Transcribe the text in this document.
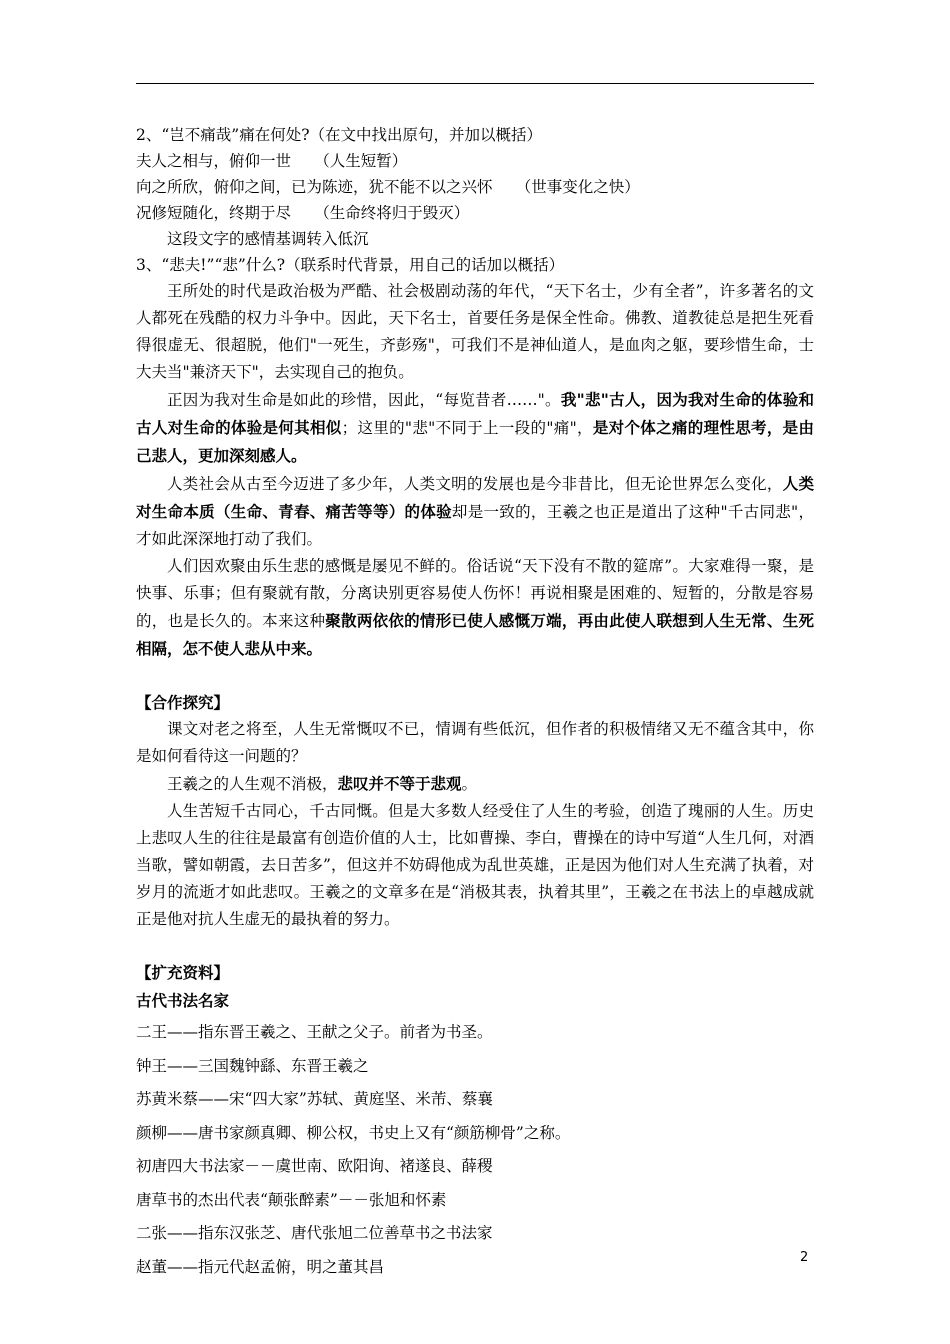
2、“岂不痛哉”痛在何处?（在文中找出原句，并加以概括）

夫人之相与，俯仰一世　　（人生短暂）

向之所欣，俯仰之间，已为陈迹，犹不能不以之兴怀　　（世事变化之快）

况修短随化，终期于尽　　（生命终将归于毁灭）

这段文字的感情基调转入低沉

3、“悲夫!”“悲”什么?（联系时代背景，用自己的话加以概括）

王所处的时代是政治极为严酷、社会极剧动荡的年代，“天下名士，少有全者”，许多著名的文人都死在残酷的权力斗争中。因此，天下名士，首要任务是保全性命。佛教、道教徒总是把生死看得很虚无、很超脱，他们"一死生，齐彭殇"，可我们不是神仙道人，是血肉之躯，要珍惜生命，士大夫当"兼济天下"，去实现自己的抱负。

正因为我对生命是如此的珍惜，因此，“每览昔者……"。我"悲"古人，因为我对生命的体验和古人对生命的体验是何其相似；这里的"悲"不同于上一段的"痛"，是对个体之痛的理性思考，是由己悲人，更加深刻感人。

人类社会从古至今迈进了多少年，人类文明的发展也是今非昔比，但无论世界怎么变化，人类对生命本质（生命、青春、痛苦等等）的体验却是一致的，王羲之也正是道出了这种"千古同悲"，才如此深深地打动了我们。

人们因欢聚由乐生悲的感慨是屡见不鲜的。俗话说“天下没有不散的筵席”。大家难得一聚，是快事、乐事；但有聚就有散，分离诀别更容易使人伤怀！再说相聚是困难的、短暂的，分散是容易的，也是长久的。本来这种聚散两依依的情形已使人感慨万端，再由此使人联想到人生无常、生死相隔，怎不使人悲从中来。

【合作探究】

课文对老之将至，人生无常慨叹不已，情调有些低沉，但作者的积极情绪又无不蕴含其中，你是如何看待这一问题的？

王羲之的人生观不消极，悲叹并不等于悲观。

人生苦短千古同心，千古同慨。但是大多数人经受住了人生的考验，创造了瑰丽的人生。历史上悲叹人生的往往是最富有创造价值的人士，比如曹操、李白，曹操在的诗中写道“人生几何，对酒当歌，譬如朝霞，去日苦多”，但这并不妨碍他成为乱世英雄，正是因为他们对人生充满了执着，对岁月的流逝才如此悲叹。王羲之的文章多在是“消极其表，执着其里”，王羲之在书法上的卓越成就正是他对抗人生虚无的最执着的努力。

【扩充资料】

古代书法名家

二王——指东晋王羲之、王献之父子。前者为书圣。

钟王——三国魏钟繇、东晋王羲之

苏黄米蔡——宋“四大家”苏轼、黄庭坚、米芾、蔡襄

颜柳——唐书家颜真卿、柳公权，书史上又有“颜筋柳骨”之称。

初唐四大书法家－－虞世南、欧阳询、褚遂良、薛稷

唐草书的杰出代表“颠张醉素”－－张旭和怀素

二张——指东汉张芝、唐代张旭二位善草书之书法家

赵董——指元代赵孟俯，明之董其昌	2
